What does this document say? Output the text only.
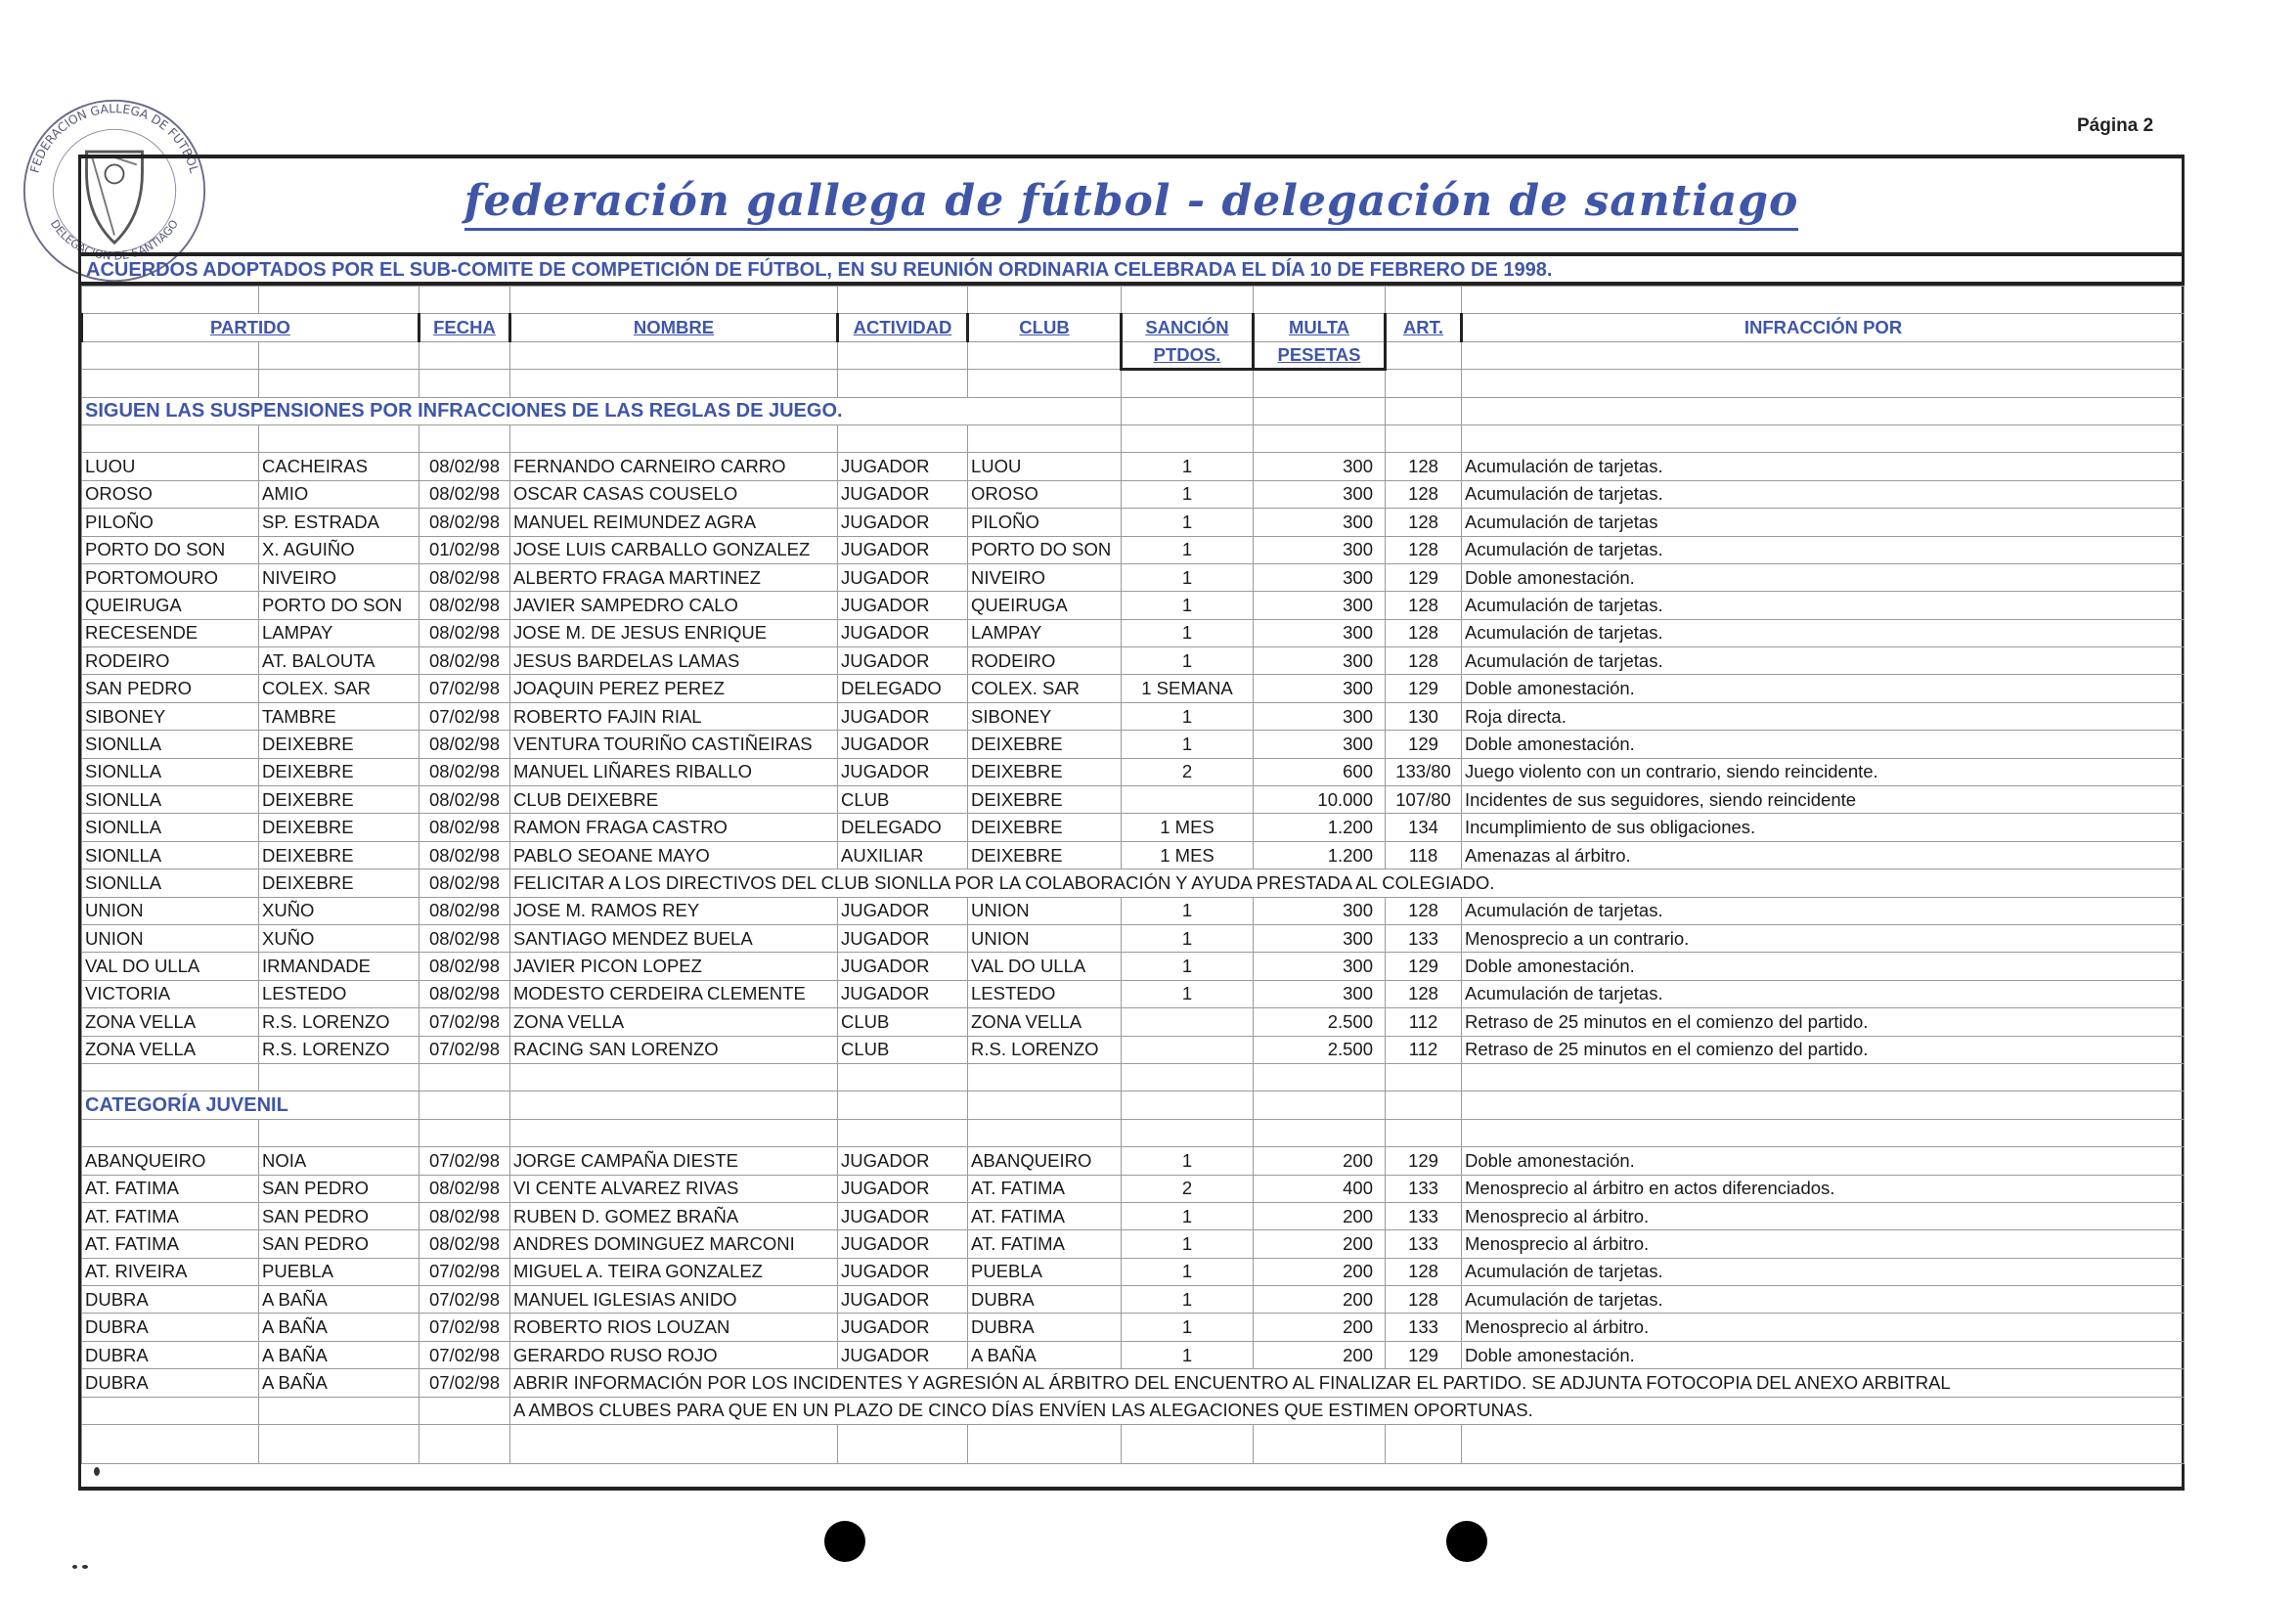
Página 2
FEDERACION GALLEGA DE FUTBOL
DELEGACION DE SANTIAGO	federación gallega de fútbol - delegación de santiago
ACUERDOS ADOPTADOS POR EL SUB-COMITE DE COMPETICIÓN DE FÚTBOL, EN SU REUNIÓN ORDINARIA CELEBRADA EL DÍA 10 DE FEBRERO DE 1998.

PARTIDO		FECHA	NOMBRE	ACTIVIDAD	CLUB	SANCIÓN	MULTA	ART.	INFRACCIÓN POR
						PTDOS.	PESETAS		

SIGUEN LAS SUSPENSIONES POR INFRACCIONES DE LAS REGLAS DE JUEGO.									

LUOU	CACHEIRAS	08/02/98	FERNANDO CARNEIRO CARRO	JUGADOR	LUOU	1	300	128	Acumulación de tarjetas.
OROSO	AMIO	08/02/98	OSCAR CASAS COUSELO	JUGADOR	OROSO	1	300	128	Acumulación de tarjetas.
PILOÑO	SP. ESTRADA	08/02/98	MANUEL REIMUNDEZ AGRA	JUGADOR	PILOÑO	1	300	128	Acumulación de tarjetas
PORTO DO SON	X. AGUIÑO	01/02/98	JOSE LUIS CARBALLO GONZALEZ	JUGADOR	PORTO DO SON	1	300	128	Acumulación de tarjetas.
PORTOMOURO	NIVEIRO	08/02/98	ALBERTO FRAGA MARTINEZ	JUGADOR	NIVEIRO	1	300	129	Doble amonestación.
QUEIRUGA	PORTO DO SON	08/02/98	JAVIER SAMPEDRO CALO	JUGADOR	QUEIRUGA	1	300	128	Acumulación de tarjetas.
RECESENDE	LAMPAY	08/02/98	JOSE M. DE JESUS ENRIQUE	JUGADOR	LAMPAY	1	300	128	Acumulación de tarjetas.
RODEIRO	AT. BALOUTA	08/02/98	JESUS BARDELAS LAMAS	JUGADOR	RODEIRO	1	300	128	Acumulación de tarjetas.
SAN PEDRO	COLEX. SAR	07/02/98	JOAQUIN PEREZ PEREZ	DELEGADO	COLEX. SAR	1 SEMANA	300	129	Doble amonestación.
SIBONEY	TAMBRE	07/02/98	ROBERTO FAJIN RIAL	JUGADOR	SIBONEY	1	300	130	Roja directa.
SIONLLA	DEIXEBRE	08/02/98	VENTURA TOURIÑO CASTIÑEIRAS	JUGADOR	DEIXEBRE	1	300	129	Doble amonestación.
SIONLLA	DEIXEBRE	08/02/98	MANUEL LIÑARES RIBALLO	JUGADOR	DEIXEBRE	2	600	133/80	Juego violento con un contrario, siendo reincidente.
SIONLLA	DEIXEBRE	08/02/98	CLUB DEIXEBRE	CLUB	DEIXEBRE		10.000	107/80	Incidentes de sus seguidores, siendo reincidente
SIONLLA	DEIXEBRE	08/02/98	RAMON FRAGA CASTRO	DELEGADO	DEIXEBRE	1 MES	1.200	134	Incumplimiento de sus obligaciones.
SIONLLA	DEIXEBRE	08/02/98	PABLO SEOANE MAYO	AUXILIAR	DEIXEBRE	1 MES	1.200	118	Amenazas al árbitro.
SIONLLA	DEIXEBRE	08/02/98	FELICITAR A LOS DIRECTIVOS DEL CLUB SIONLLA POR LA COLABORACIÓN Y AYUDA PRESTADA AL COLEGIADO.						
UNION	XUÑO	08/02/98	JOSE M. RAMOS REY	JUGADOR	UNION	1	300	128	Acumulación de tarjetas.
UNION	XUÑO	08/02/98	SANTIAGO MENDEZ BUELA	JUGADOR	UNION	1	300	133	Menosprecio a un contrario.
VAL DO ULLA	IRMANDADE	08/02/98	JAVIER PICON LOPEZ	JUGADOR	VAL DO ULLA	1	300	129	Doble amonestación.
VICTORIA	LESTEDO	08/02/98	MODESTO CERDEIRA CLEMENTE	JUGADOR	LESTEDO	1	300	128	Acumulación de tarjetas.
ZONA VELLA	R.S. LORENZO	07/02/98	ZONA VELLA	CLUB	ZONA VELLA		2.500	112	Retraso de 25 minutos en el comienzo del partido.
ZONA VELLA	R.S. LORENZO	07/02/98	RACING SAN LORENZO	CLUB	R.S. LORENZO		2.500	112	Retraso de 25 minutos en el comienzo del partido.

CATEGORÍA JUVENIL									

ABANQUEIRO	NOIA	07/02/98	JORGE CAMPAÑA DIESTE	JUGADOR	ABANQUEIRO	1	200	129	Doble amonestación.
AT. FATIMA	SAN PEDRO	08/02/98	VI CENTE ALVAREZ RIVAS	JUGADOR	AT. FATIMA	2	400	133	Menosprecio al árbitro en actos diferenciados.
AT. FATIMA	SAN PEDRO	08/02/98	RUBEN D. GOMEZ BRAÑA	JUGADOR	AT. FATIMA	1	200	133	Menosprecio al árbitro.
AT. FATIMA	SAN PEDRO	08/02/98	ANDRES DOMINGUEZ MARCONI	JUGADOR	AT. FATIMA	1	200	133	Menosprecio al árbitro.
AT. RIVEIRA	PUEBLA	07/02/98	MIGUEL A. TEIRA GONZALEZ	JUGADOR	PUEBLA	1	200	128	Acumulación de tarjetas.
DUBRA	A BAÑA	07/02/98	MANUEL IGLESIAS ANIDO	JUGADOR	DUBRA	1	200	128	Acumulación de tarjetas.
DUBRA	A BAÑA	07/02/98	ROBERTO RIOS LOUZAN	JUGADOR	DUBRA	1	200	133	Menosprecio al árbitro.
DUBRA	A BAÑA	07/02/98	GERARDO RUSO ROJO	JUGADOR	A BAÑA	1	200	129	Doble amonestación.
DUBRA	A BAÑA	07/02/98	ABRIR INFORMACIÓN POR LOS INCIDENTES Y AGRESIÓN AL ÁRBITRO DEL ENCUENTRO AL FINALIZAR EL PARTIDO. SE ADJUNTA FOTOCOPIA DEL ANEXO ARBITRAL						
			A AMBOS CLUBES PARA QUE EN UN PLAZO DE CINCO DÍAS ENVÍEN LAS ALEGACIONES QUE ESTIMEN OPORTUNAS.						
